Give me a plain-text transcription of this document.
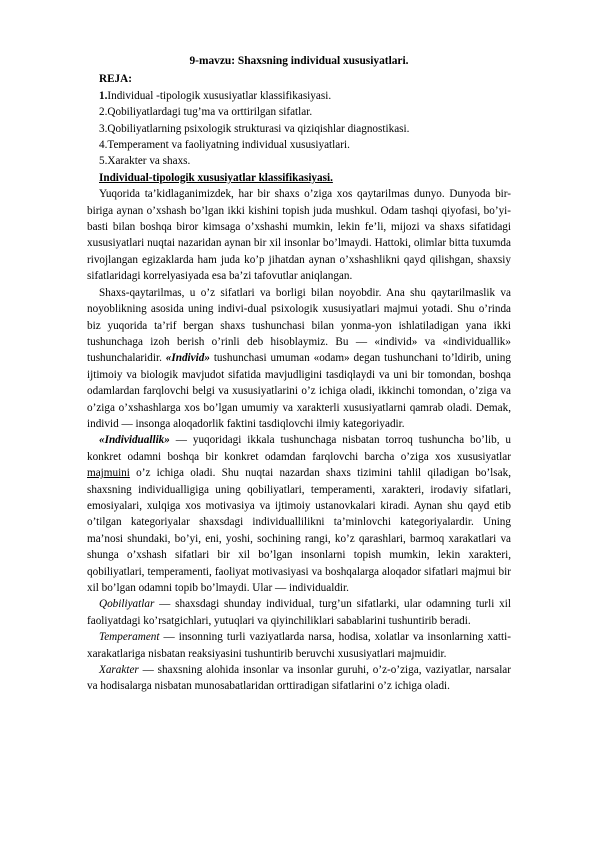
9-mavzu: Shaxsning individual xususiyatlari.

REJA:

1.Individual -tipologik xususiyatlar klassifikasiyasi.

2.Qobiliyatlardagi tug’ma va orttirilgan sifatlar.

3.Qobiliyatlarning psixologik strukturasi va qiziqishlar diagnostikasi.

4.Temperament va faoliyatning individual xususiyatlari.

5.Xarakter va shaxs.

Individual-tipologik xususiyatlar klassifikasiyasi.

Yuqorida ta’kidlaganimizdek, har bir shaxs o’ziga xos qaytarilmas dunyo. Dunyoda bir-biriga aynan o’xshash bo’lgan ikki kishini topish juda mushkul. Odam tashqi qiyofasi, bo’yi-basti bilan boshqa biror kimsaga o’xshashi mumkin, lekin fe’li, mijozi va shaxs sifatidagi xususiyatlari nuqtai nazaridan aynan bir xil insonlar bo’lmaydi. Hattoki, olimlar bitta tuxumda rivojlangan egizaklarda ham juda ko’p jihatdan aynan o’xshashlikni qayd qilishgan, shaxsiy sifatlaridagi korrelyasiyada esa ba’zi tafovutlar aniqlangan.

Shaxs-qaytarilmas, u o’z sifatlari va borligi bilan noyobdir. Ana shu qaytarilmaslik va noyoblikning asosida uning indivi-dual psixologik xususiyatlari majmui yotadi. Shu o’rinda biz yuqorida ta’rif bergan shaxs tushunchasi bilan yonma-yon ishlatiladigan yana ikki tushunchaga izoh berish o’rinli deb hisoblaymiz. Bu — «individ» va «individuallik» tushunchalaridir. «Individ» tushunchasi umuman «odam» degan tushunchani to’ldirib, uning ijtimoiy va biologik mavjudot sifatida mavjudligini tasdiqlaydi va uni bir tomondan, boshqa odamlardan farqlovchi belgi va xususiyatlarini o’z ichiga oladi, ikkinchi tomondan, o’ziga va o’ziga o’xshashlarga xos bo’lgan umumiy va xarakterli xususiyatlarni qamrab oladi. Demak, individ — insonga aloqadorlik faktini tasdiqlovchi ilmiy kategoriyadir.

«Individuallik» — yuqoridagi ikkala tushunchaga nisbatan torroq tushuncha bo’lib, u konkret odamni boshqa bir konkret odamdan farqlovchi barcha o’ziga xos xususiyatlar majmuini o’z ichiga oladi. Shu nuqtai nazardan shaxs tizimini tahlil qiladigan bo’lsak, shaxsning individualligiga uning qobiliyatlari, temperamenti, xarakteri, irodaviy sifatlari, emosiyalari, xulqiga xos motivasiya va ijtimoiy ustanovkalari kiradi. Aynan shu qayd etib o’tilgan kategoriyalar shaxsdagi individuallilikni ta’minlovchi kategoriyalardir. Uning ma’nosi shundaki, bo’yi, eni, yoshi, sochining rangi, ko’z qarashlari, barmoq xarakatlari va shunga o’xshash sifatlari bir xil bo’lgan insonlarni topish mumkin, lekin xarakteri, qobiliyatlari, temperamenti, faoliyat motivasiyasi va boshqalarga aloqador sifatlari majmui bir xil bo’lgan odamni topib bo’lmaydi. Ular — individualdir.

Qobiliyatlar — shaxsdagi shunday individual, turg’un sifatlarki, ular odamning turli xil faoliyatdagi ko’rsatgichlari, yutuqlari va qiyinchiliklari sabablarini tushuntirib beradi.

Temperament — insonning turli vaziyatlarda narsa, hodisa, xolatlar va insonlarning xatti-xarakatlariga nisbatan reaksiyasini tushuntirib beruvchi xususiyatlari majmuidir.

Xarakter — shaxsning alohida insonlar va insonlar guruhi, o’z-o’ziga, vaziyatlar, narsalar va hodisalarga nisbatan munosabatlaridan orttiradigan sifatlarini o’z ichiga oladi.
